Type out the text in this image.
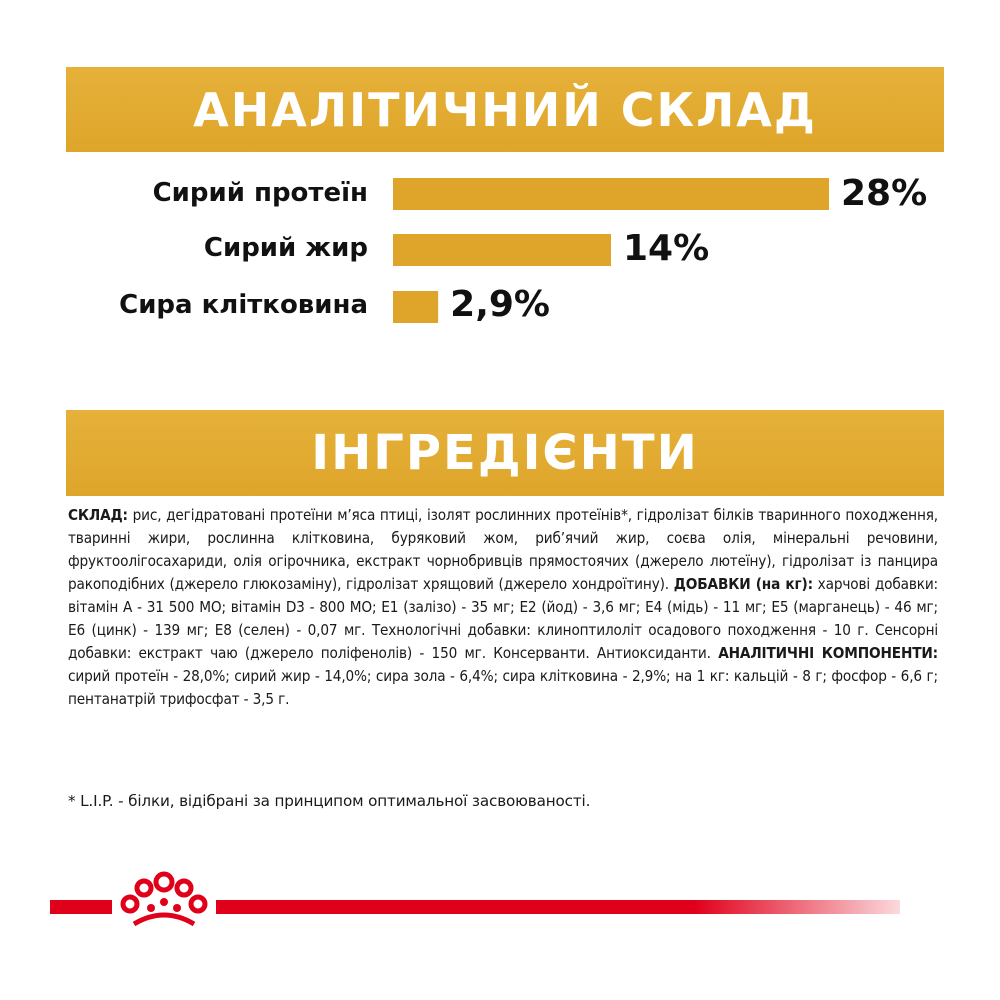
АНАЛІТИЧНИЙ СКЛАД
Сирий протеїн
Сирий жир
Сира клітковина
28%
14%
2,9%
ІНГРЕДІЄНТИ

СКЛАД: рис, дегідратовані протеїни м’яса птиці, ізолят рослинних протеїнів*, гідролізат білків тваринного походження, тваринні жири, рослинна клітковина, буряковий жом, риб’ячий жир, соєва олія, мінеральні речовини, фруктоолігосахариди, олія огірочника, екстракт чорнобривців прямостоячих (джерело лютеїну), гідролізат із панцира ракоподібних (джерело глюкозаміну), гідролізат хрящовий (джерело хондроїтину). ДОБАВКИ (на кг): харчові добавки: вітамін A - 31 500 МО; вітамін D3 - 800 МО; E1 (залізо) - 35 мг; E2 (йод) - 3,6 мг; E4 (мідь) - 11 мг; E5 (марганець) - 46 мг; E6 (цинк) - 139 мг; E8 (селен) - 0,07 мг. Технологічні добавки: клиноптилоліт осадового походження - 10 г. Сенсорні добавки: екстракт чаю (джерело поліфенолів) - 150 мг. Консерванти. Антиоксиданти. АНАЛІТИЧНІ КОМПОНЕНТИ: сирий протеїн - 28,0%; сирий жир - 14,0%; сира зола - 6,4%; сира клітковина - 2,9%; на 1 кг: кальцій - 8 г; фосфор - 6,6 г; пентанатрій трифосфат - 3,5 г.

* L.I.P. - білки, відібрані за принципом оптимальної засвоюваності.
